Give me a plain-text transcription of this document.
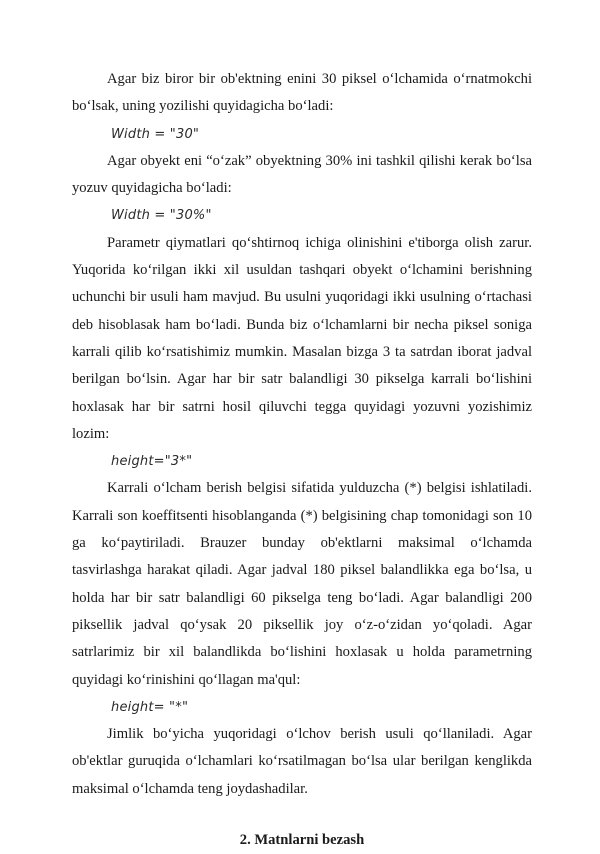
Agar biz biror bir ob'ektning enini 30 piksel o‘lchamida o‘rnatmokchi bo‘lsak, uning yozilishi quyidagicha bo‘ladi:

Width = "30"

Agar obyekt eni “o‘zak” obyektning 30% ini tashkil qilishi kerak bo‘lsa yozuv quyidagicha bo‘ladi:

Width = "30%"

Parametr qiymatlari qo‘shtirnoq ichiga olinishini e'tiborga olish zarur. Yuqorida ko‘rilgan ikki xil usuldan tashqari obyekt o‘lchamini berishning uchunchi bir usuli ham mavjud. Bu usulni yuqoridagi ikki usulning o‘rtachasi deb hisoblasak ham bo‘ladi. Bunda biz o‘lchamlarni bir necha piksel soniga karrali qilib ko‘rsatishimiz mumkin. Masalan bizga 3 ta satrdan iborat jadval berilgan bo‘lsin. Agar har bir satr balandligi 30 pikselga karrali bo‘lishini hoxlasak har bir satrni hosil qiluvchi tegga quyidagi yozuvni yozishimiz lozim:

height="3*"

Karrali o‘lcham berish belgisi sifatida yulduzcha (*) belgisi ishlatiladi. Karrali son koeffitsenti hisoblanganda (*) belgisining chap tomonidagi son 10 ga ko‘paytiriladi. Brauzer bunday ob'ektlarni maksimal o‘lchamda tasvirlashga harakat qiladi. Agar jadval 180 piksel balandlikka ega bo‘lsa, u holda har bir satr balandligi 60 pikselga teng bo‘ladi. Agar balandligi 200 piksellik jadval qo‘ysak 20 piksellik joy o‘z-o‘zidan yo‘qoladi. Agar satrlarimiz bir xil balandlikda bo‘lishini hoxlasak u holda parametrning quyidagi ko‘rinishini qo‘llagan ma'qul:

height= "*"

Jimlik bo‘yicha yuqoridagi o‘lchov berish usuli qo‘llaniladi. Agar ob'ektlar guruqida o‘lchamlari ko‘rsatilmagan bo‘lsa ular berilgan kenglikda maksimal o‘lchamda teng joydashadilar.

2. Matnlarni bezash
